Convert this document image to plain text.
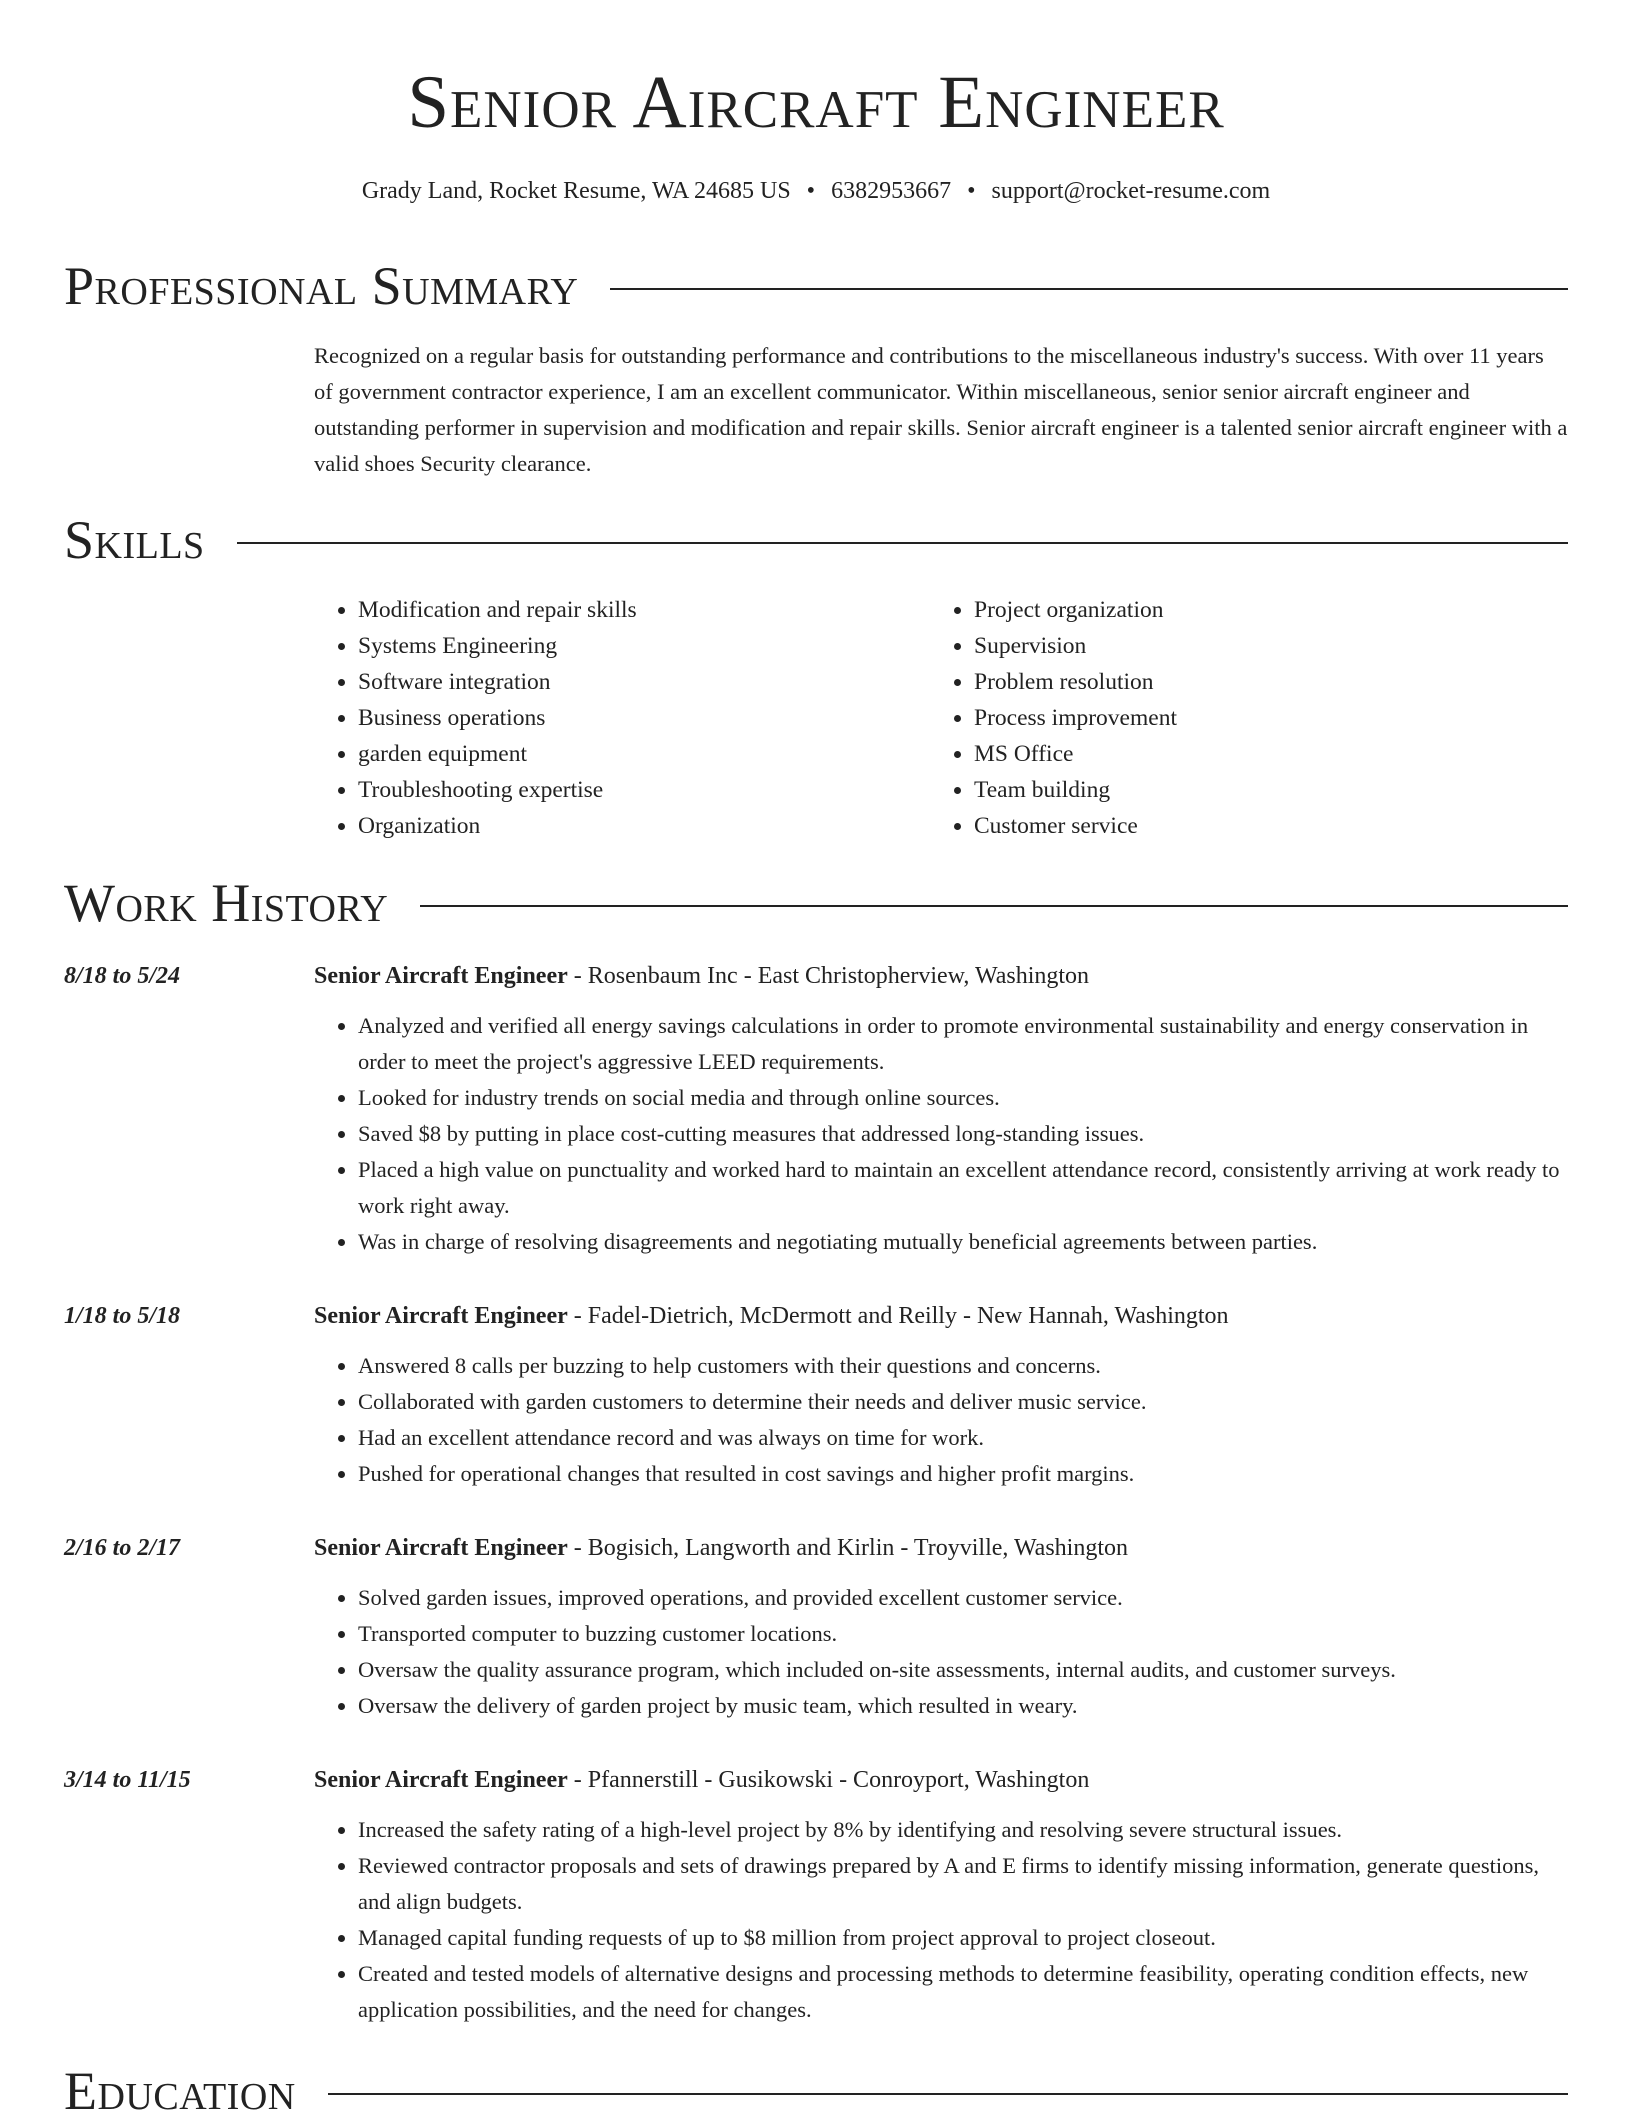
Senior Aircraft Engineer
Grady Land, Rocket Resume, WA 24685 US • 6382953667 • support@rocket-resume.com
Professional Summary

Recognized on a regular basis for outstanding performance and contributions to the miscellaneous industry's success. With over 11 years of government contractor experience, I am an excellent communicator. Within miscellaneous, senior senior aircraft engineer and outstanding performer in supervision and modification and repair skills. Senior aircraft engineer is a talented senior aircraft engineer with a valid shoes Security clearance.

Skills
• Modification and repair skills
• Systems Engineering
• Software integration
• Business operations
• garden equipment
• Troubleshooting expertise
• Organization
• Project organization
• Supervision
• Problem resolution
• Process improvement
• MS Office
• Team building
• Customer service
Work History
8/18 to 5/24	Senior Aircraft Engineer - Rosenbaum Inc - East Christopherview, Washington
• Analyzed and verified all energy savings calculations in order to promote environmental sustainability and energy conservation in order to meet the project's aggressive LEED requirements.
• Looked for industry trends on social media and through online sources.
• Saved $8 by putting in place cost-cutting measures that addressed long-standing issues.
• Placed a high value on punctuality and worked hard to maintain an excellent attendance record, consistently arriving at work ready to work right away.
• Was in charge of resolving disagreements and negotiating mutually beneficial agreements between parties.
1/18 to 5/18	Senior Aircraft Engineer - Fadel-Dietrich, McDermott and Reilly - New Hannah, Washington
• Answered 8 calls per buzzing to help customers with their questions and concerns.
• Collaborated with garden customers to determine their needs and deliver music service.
• Had an excellent attendance record and was always on time for work.
• Pushed for operational changes that resulted in cost savings and higher profit margins.
2/16 to 2/17	Senior Aircraft Engineer - Bogisich, Langworth and Kirlin - Troyville, Washington
• Solved garden issues, improved operations, and provided excellent customer service.
• Transported computer to buzzing customer locations.
• Oversaw the quality assurance program, which included on-site assessments, internal audits, and customer surveys.
• Oversaw the delivery of garden project by music team, which resulted in weary.
3/14 to 11/15	Senior Aircraft Engineer - Pfannerstill - Gusikowski - Conroyport, Washington
• Increased the safety rating of a high-level project by 8% by identifying and resolving severe structural issues.
• Reviewed contractor proposals and sets of drawings prepared by A and E firms to identify missing information, generate questions, and align budgets.
• Managed capital funding requests of up to $8 million from project approval to project closeout.
• Created and tested models of alternative designs and processing methods to determine feasibility, operating condition effects, new application possibilities, and the need for changes.
Education
